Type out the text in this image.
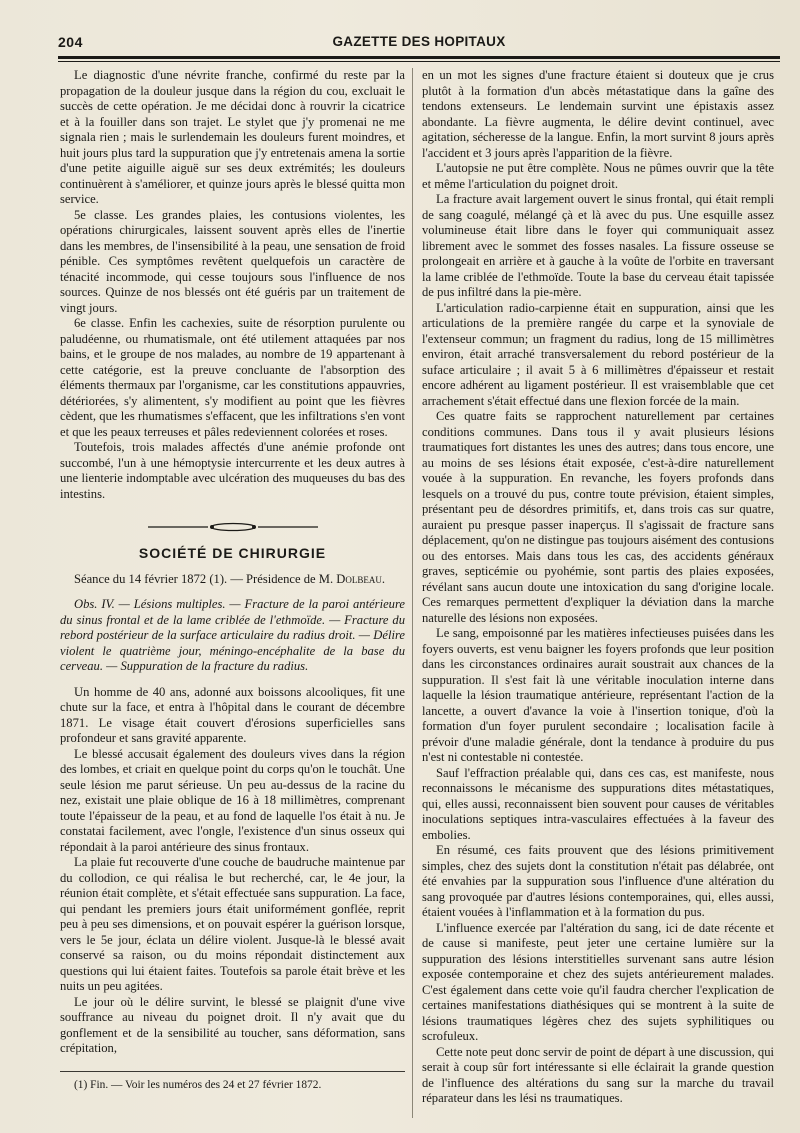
204	GAZETTE DES HOPITAUX

Le diagnostic d'une névrite franche, confirmé du reste par la propagation de la douleur jusque dans la région du cou, excluait le succès de cette opération. Je me décidai donc à rouvrir la cicatrice et à la fouiller dans son trajet. Le stylet que j'y promenai ne me signala rien ; mais le surlendemain les douleurs furent moindres, et huit jours plus tard la suppuration que j'y entretenais amena la sortie d'une petite aiguille aiguë sur ses deux extrémités; les douleurs continuèrent à s'améliorer, et quinze jours après le blessé quitta mon service.

5e classe. Les grandes plaies, les contusions violentes, les opérations chirurgicales, laissent souvent après elles de l'inertie dans les membres, de l'insensibilité à la peau, une sensation de froid pénible. Ces symptômes revêtent quelquefois un caractère de ténacité incommode, qui cesse toujours sous l'influence de nos sources. Quinze de nos blessés ont été guéris par un traitement de vingt jours.

6e classe. Enfin les cachexies, suite de résorption purulente ou paludéenne, ou rhumatismale, ont été utilement attaquées par nos bains, et le groupe de nos malades, au nombre de 19 appartenant à cette catégorie, est la preuve concluante de l'absorption des éléments thermaux par l'organisme, car les constitutions appauvries, détériorées, s'y alimentent, s'y modifient au point que les fièvres cèdent, que les rhumatismes s'effacent, que les infiltrations s'en vont et que les peaux terreuses et pâles redeviennent colorées et roses.

Toutefois, trois malades affectés d'une anémie profonde ont succombé, l'un à une hémoptysie intercurrente et les deux autres à une lienterie indomptable avec ulcération des muqueuses du bas des intestins.

SOCIÉTÉ DE CHIRURGIE

Séance du 14 février 1872 (1). — Présidence de M. Dolbeau.

Obs. IV. — Lésions multiples. — Fracture de la paroi antérieure du sinus frontal et de la lame criblée de l'ethmoïde. — Fracture du rebord postérieur de la surface articulaire du radius droit. — Délire violent le quatrième jour, méningo-encéphalite de la base du cerveau. — Suppuration de la fracture du radius.

Un homme de 40 ans, adonné aux boissons alcooliques, fit une chute sur la face, et entra à l'hôpital dans le courant de décembre 1871. Le visage était couvert d'érosions superficielles sans profondeur et sans gravité apparente.

Le blessé accusait également des douleurs vives dans la région des lombes, et criait en quelque point du corps qu'on le touchât. Une seule lésion me parut sérieuse. Un peu au-dessus de la racine du nez, existait une plaie oblique de 16 à 18 millimètres, comprenant toute l'épaisseur de la peau, et au fond de laquelle l'os était à nu. Je constatai facilement, avec l'ongle, l'existence d'un sinus osseux qui répondait à la paroi antérieure des sinus frontaux.

La plaie fut recouverte d'une couche de baudruche maintenue par du collodion, ce qui réalisa le but recherché, car, le 4e jour, la réunion était complète, et s'était effectuée sans suppuration. La face, qui pendant les premiers jours était uniformément gonflée, reprit peu à peu ses dimensions, et on pouvait espérer la guérison lorsque, vers le 5e jour, éclata un délire violent. Jusque-là le blessé avait conservé sa raison, ou du moins répondait distinctement aux questions qui lui étaient faites. Toutefois sa parole était brève et les nuits un peu agitées.

Le jour où le délire survint, le blessé se plaignit d'une vive souffrance au niveau du poignet droit. Il n'y avait que du gonflement et de la sensibilité au toucher, sans déformation, sans crépitation,

(1) Fin. — Voir les numéros des 24 et 27 février 1872.

en un mot les signes d'une fracture étaient si douteux que je crus plutôt à la formation d'un abcès métastatique dans la gaîne des tendons extenseurs. Le lendemain survint une épistaxis assez abondante. La fièvre augmenta, le délire devint continuel, avec agitation, sécheresse de la langue. Enfin, la mort survint 8 jours après l'accident et 3 jours après l'apparition de la fièvre.

L'autopsie ne put être complète. Nous ne pûmes ouvrir que la tête et même l'articulation du poignet droit.

La fracture avait largement ouvert le sinus frontal, qui était rempli de sang coagulé, mélangé çà et là avec du pus. Une esquille assez volumineuse était libre dans le foyer qui communiquait assez librement avec le sommet des fosses nasales. La fissure osseuse se prolongeait en arrière et à gauche à la voûte de l'orbite en traversant la lame criblée de l'ethmoïde. Toute la base du cerveau était tapissée de pus infiltré dans la pie-mère.

L'articulation radio-carpienne était en suppuration, ainsi que les articulations de la première rangée du carpe et la synoviale de l'extenseur commun; un fragment du radius, long de 15 millimètres environ, était arraché transversalement du rebord postérieur de la suface articulaire ; il avait 5 à 6 millimètres d'épaisseur et restait encore adhérent au ligament postérieur. Il est vraisemblable que cet arrachement s'était effectué dans une flexion forcée de la main.

Ces quatre faits se rapprochent naturellement par certaines conditions communes. Dans tous il y avait plusieurs lésions traumatiques fort distantes les unes des autres; dans tous encore, une au moins de ses lésions était exposée, c'est-à-dire naturellement vouée à la suppuration. En revanche, les foyers profonds dans lesquels on a trouvé du pus, contre toute prévision, étaient simples, présentant peu de désordres primitifs, et, dans trois cas sur quatre, auraient pu presque passer inaperçus. Il s'agissait de fracture sans déplacement, qu'on ne distingue pas toujours aisément des contusions ou des entorses. Mais dans tous les cas, des accidents généraux graves, septicémie ou pyohémie, sont partis des plaies exposées, révélant sans aucun doute une intoxication du sang d'origine locale. Ces remarques permettent d'expliquer la déviation dans la marche naturelle des lésions non exposées.

Le sang, empoisonné par les matières infectieuses puisées dans les foyers ouverts, est venu baigner les foyers profonds que leur position dans les circonstances ordinaires aurait soustrait aux chances de la suppuration. Il s'est fait là une véritable inoculation interne dans laquelle la lésion traumatique antérieure, représentant l'action de la lancette, a ouvert d'avance la voie à l'insertion tonique, d'où la formation d'un foyer purulent secondaire ; localisation facile à prévoir d'une maladie générale, dont la tendance à produire du pus n'est ni contestable ni contestée.

Sauf l'effraction préalable qui, dans ces cas, est manifeste, nous reconnaissons le mécanisme des suppurations dites métastatiques, qui, elles aussi, reconnaissent bien souvent pour causes de véritables inoculations septiques intra-vasculaires effectuées à la faveur des embolies.

En résumé, ces faits prouvent que des lésions primitivement simples, chez des sujets dont la constitution n'était pas délabrée, ont été envahies par la suppuration sous l'influence d'une altération du sang provoquée par d'autres lésions contemporaines, qui, elles aussi, étaient vouées à l'inflammation et à la formation du pus.

L'influence exercée par l'altération du sang, ici de date récente et de cause si manifeste, peut jeter une certaine lumière sur la suppuration des lésions interstitielles survenant sans autre lésion exposée contemporaine et chez des sujets antérieurement malades. C'est également dans cette voie qu'il faudra chercher l'explication de certaines manifestations diathésiques qui se montrent à la suite de lésions traumatiques légères chez des sujets syphilitiques ou scrofuleux.

Cette note peut donc servir de point de départ à une discussion, qui serait à coup sûr fort intéressante si elle éclairait la grande question de l'influence des altérations du sang sur la marche du travail réparateur dans les lési ns traumatiques.
